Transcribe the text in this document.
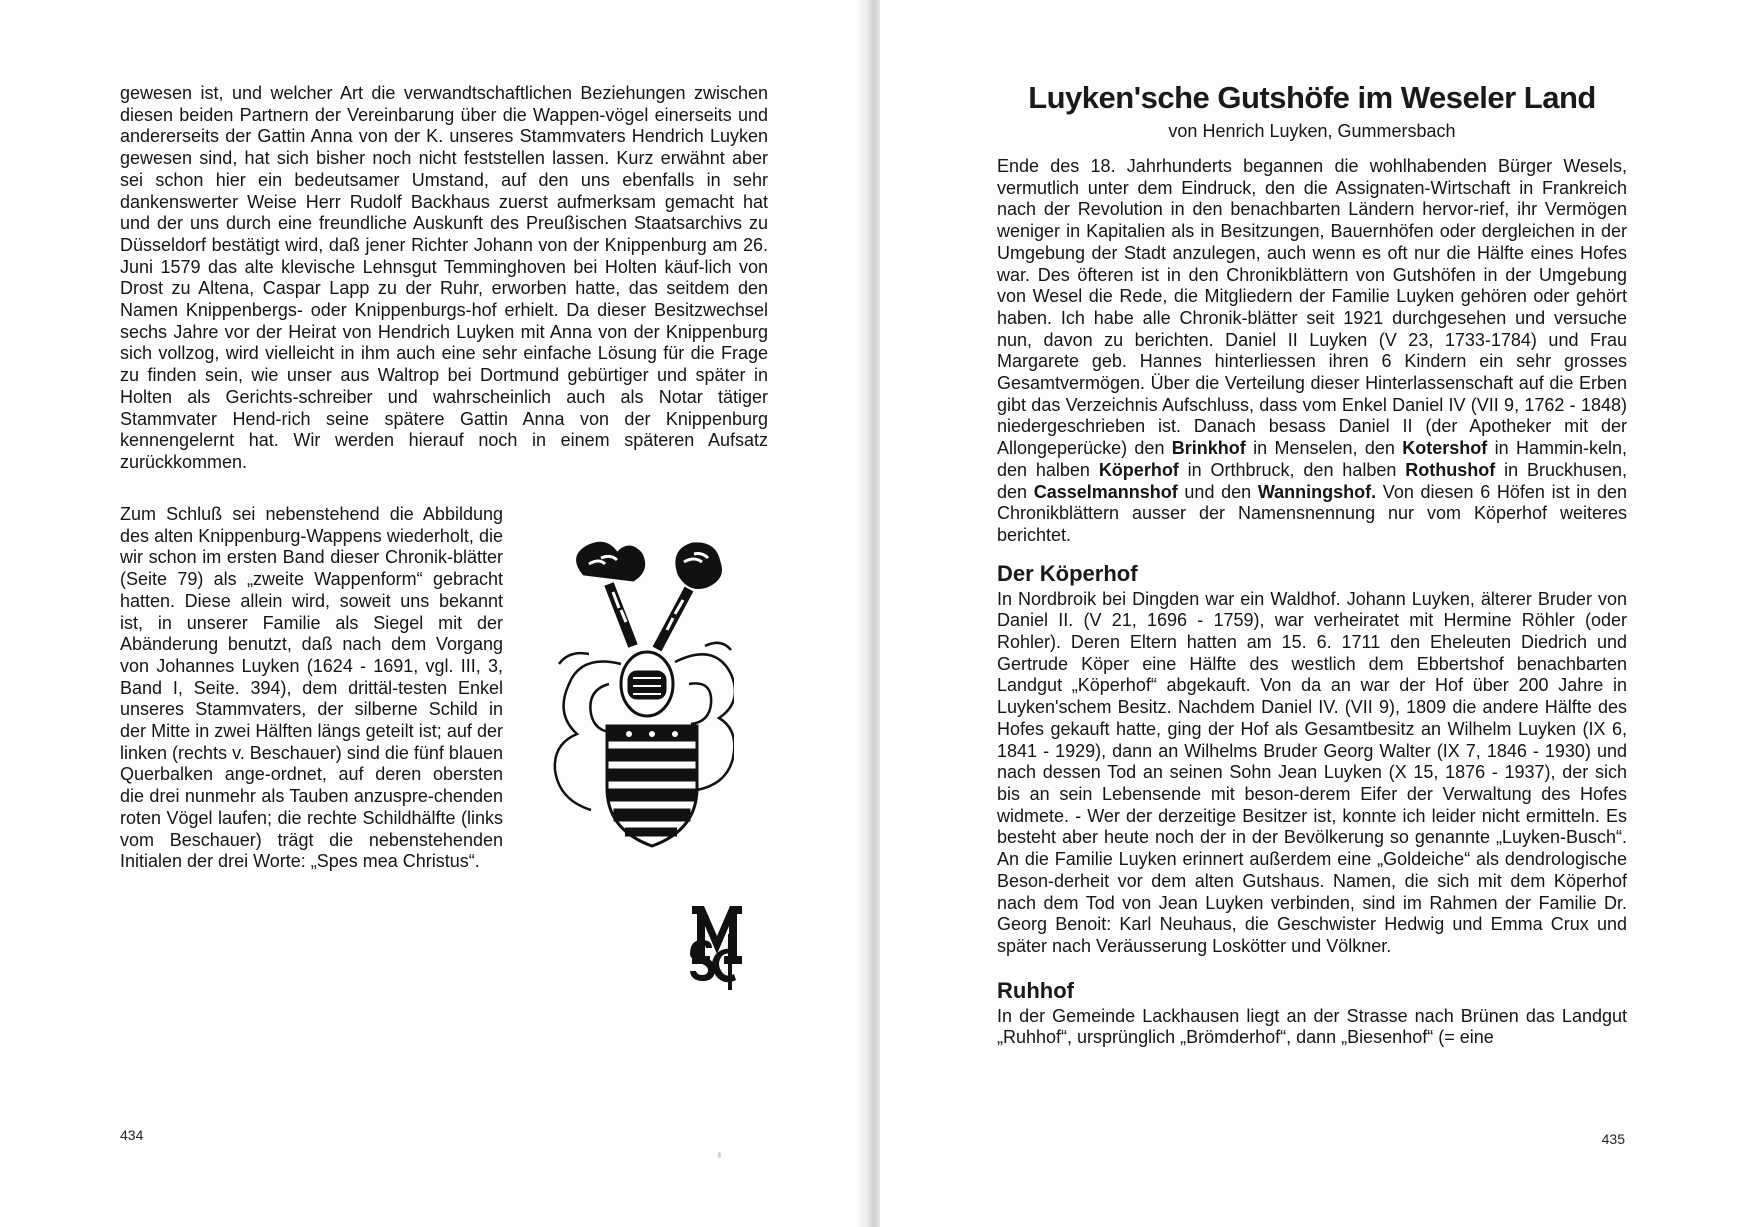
gewesen ist, und welcher Art die verwandtschaftlichen Beziehungen zwischen diesen beiden Partnern der Vereinbarung über die Wappen-vögel einerseits und andererseits der Gattin Anna von der K. unseres Stammvaters Hendrich Luyken gewesen sind, hat sich bisher noch nicht feststellen lassen. Kurz erwähnt aber sei schon hier ein bedeutsamer Umstand, auf den uns ebenfalls in sehr dankenswerter Weise Herr Rudolf Backhaus zuerst aufmerksam gemacht hat und der uns durch eine freundliche Auskunft des Preußischen Staatsarchivs zu Düsseldorf bestätigt wird, daß jener Richter Johann von der Knippenburg am 26. Juni 1579 das alte klevische Lehnsgut Temminghoven bei Holten käuf-lich von Drost zu Altena, Caspar Lapp zu der Ruhr, erworben hatte, das seitdem den Namen Knippenbergs- oder Knippenburgs-hof erhielt. Da dieser Besitzwechsel sechs Jahre vor der Heirat von Hendrich Luyken mit Anna von der Knippenburg sich vollzog, wird vielleicht in ihm auch eine sehr einfache Lösung für die Frage zu finden sein, wie unser aus Waltrop bei Dortmund gebürtiger und später in Holten als Gerichts-schreiber und wahrscheinlich auch als Notar tätiger Stammvater Hend-rich seine spätere Gattin Anna von der Knippenburg kennengelernt hat. Wir werden hierauf noch in einem späteren Aufsatz zurückkommen.

Zum Schluß sei nebenstehend die Abbildung des alten Knippenburg-Wappens wiederholt, die wir schon im ersten Band dieser Chronik-blätter (Seite 79) als „zweite Wappenform“ gebracht hatten. Diese allein wird, soweit uns bekannt ist, in unserer Familie als Siegel mit der Abänderung benutzt, daß nach dem Vorgang von Johannes Luyken (1624 - 1691, vgl. III, 3, Band I, Seite. 394), dem drittäl-testen Enkel unseres Stammvaters, der silberne Schild in der Mitte in zwei Hälften längs geteilt ist; auf der linken (rechts v. Beschauer) sind die fünf blauen Querbalken ange-ordnet, auf deren obersten die drei nunmehr als Tauben anzuspre-chenden roten Vögel laufen; die rechte Schildhälfte (links vom Beschauer) trägt die nebenstehenden Initialen der drei Worte: „Spes mea Christus“.

434
Luyken'sche Gutshöfe im Weseler Land
von Henrich Luyken, Gummersbach

Ende des 18. Jahrhunderts begannen die wohlhabenden Bürger Wesels, vermutlich unter dem Eindruck, den die Assignaten-Wirtschaft in Frankreich nach der Revolution in den benachbarten Ländern hervor-rief, ihr Vermögen weniger in Kapitalien als in Besitzungen, Bauernhöfen oder dergleichen in der Umgebung der Stadt anzulegen, auch wenn es oft nur die Hälfte eines Hofes war. Des öfteren ist in den Chronikblättern von Gutshöfen in der Umgebung von Wesel die Rede, die Mitgliedern der Familie Luyken gehören oder gehört haben. Ich habe alle Chronik-blätter seit 1921 durchgesehen und versuche nun, davon zu berichten. Daniel II Luyken (V 23, 1733-1784) und Frau Margarete geb. Hannes hinterliessen ihren 6 Kindern ein sehr grosses Gesamtvermögen. Über die Verteilung dieser Hinterlassenschaft auf die Erben gibt das Verzeichnis Aufschluss, dass vom Enkel Daniel IV (VII 9, 1762 - 1848) niedergeschrieben ist. Danach besass Daniel II (der Apotheker mit der Allongeperücke) den Brinkhof in Menselen, den Kotershof in Hammin-keln, den halben Köperhof in Orthbruck, den halben Rothushof in Bruckhusen, den Casselmannshof und den Wanningshof. Von diesen 6 Höfen ist in den Chronikblättern ausser der Namensnennung nur vom Köperhof weiteres berichtet.

Der Köperhof

In Nordbroik bei Dingden war ein Waldhof. Johann Luyken, älterer Bruder von Daniel II. (V 21, 1696 - 1759), war verheiratet mit Hermine Röhler (oder Rohler). Deren Eltern hatten am 15. 6. 1711 den Eheleuten Diedrich und Gertrude Köper eine Hälfte des westlich dem Ebbertshof benachbarten Landgut „Köperhof“ abgekauft. Von da an war der Hof über 200 Jahre in Luyken'schem Besitz. Nachdem Daniel IV. (VII 9), 1809 die andere Hälfte des Hofes gekauft hatte, ging der Hof als Gesamtbesitz an Wilhelm Luyken (IX 6, 1841 - 1929), dann an Wilhelms Bruder Georg Walter (IX 7, 1846 - 1930) und nach dessen Tod an seinen Sohn Jean Luyken (X 15, 1876 - 1937), der sich bis an sein Lebensende mit beson-derem Eifer der Verwaltung des Hofes widmete. - Wer der derzeitige Besitzer ist, konnte ich leider nicht ermitteln. Es besteht aber heute noch der in der Bevölkerung so genannte „Luyken-Busch“. An die Familie Luyken erinnert außerdem eine „Goldeiche“ als dendrologische Beson-derheit vor dem alten Gutshaus. Namen, die sich mit dem Köperhof nach dem Tod von Jean Luyken verbinden, sind im Rahmen der Familie Dr. Georg Benoit: Karl Neuhaus, die Geschwister Hedwig und Emma Crux und später nach Veräusserung Loskötter und Völkner.

Ruhhof

In der Gemeinde Lackhausen liegt an der Strasse nach Brünen das Landgut „Ruhhof“, ursprünglich „Brömderhof“, dann „Biesenhof“ (= eine

435
